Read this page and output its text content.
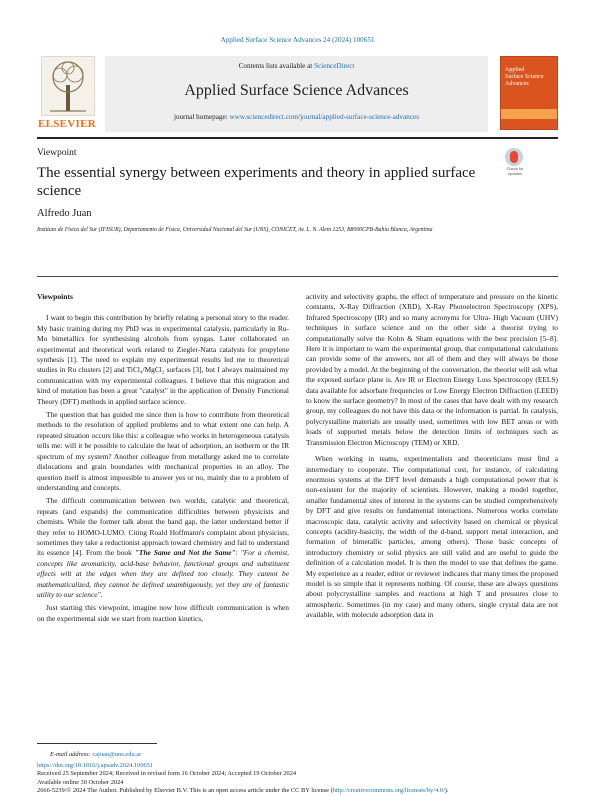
Applied Surface Science Advances 24 (2024) 100651
ELSEVIER
Contents lists available at ScienceDirect
Applied Surface Science Advances
journal homepage: www.sciencedirect.com/journal/applied-surface-science-advances
Applied
Surface Science
Advances
Viewpoint
Check for
updates
The essential synergy between experiments and theory in applied surface science
Alfredo Juan
Instituto de Física del Sur (IFISUR), Departamento de Física, Universidad Nacional del Sur (UNS), CONICET, Av. L. N. Alem 1253, B8000CPB-Bahía Blanca, Argentina

Viewpoints

I want to begin this contribution by briefly relating a personal story to the reader. My basic training during my PhD was in experimental catalysis, particularly in Ru-Mo bimetallics for synthesising alcohols from syngas. Later collaborated on experimental and theoretical work related to Ziegler-Natta catalysts for propylene synthesis [1]. The need to explain my experimental results led me to theoretical studies in Ru clusters [2] and TiCl₄/MgCl₂ surfaces [3], but I always maintained my communication with my experimental colleagues. I believe that this migration and kind of mutation has been a great "catalyst" in the application of Density Functional Theory (DFT) methods in applied surface science.

The question that has guided me since then is how to contribute from theoretical methods to the resolution of applied problems and to what extent one can help. A repeated situation occurs like this: a colleague who works in heterogeneous catalysis tells me: will it be possible to calculate the heat of adsorption, an isotherm or the IR spectrum of my system? Another colleague from metallurgy asked me to correlate dislocations and grain boundaries with mechanical properties in an alloy. The question itself is almost impossible to answer yes or no, mainly due to a problem of understanding and concepts.

The difficult communication between two worlds, catalytic and theoretical, repeats (and expands) the communication difficulties between physicists and chemists. While the former talk about the band gap, the latter understand better if they refer to HOMO-LUMO. Citing Roald Hoffmann's complaint about physicists, sometimes they take a reductionist approach toward chemistry and fail to understand its essence [4]. From the book "The Same and Not the Same": "For a chemist, concepts like aromaticity, acid-base behavior, functional groups and substituent effects wilt at the edges when they are defined too closely. They cannot be mathematicalized, they cannot be defined unambiguously, yet they are of fantastic utility to our science".

Just starting this viewpoint, imagine now how difficult communication is when on the experimental side we start from reaction kinetics,

activity and selectivity graphs, the effect of temperature and pressure on the kinetic constants, X-Ray Diffraction (XRD), X-Ray Photoelectron Spectroscopy (XPS), Infrared Spectroscopy (IR) and so many acronyms for Ultra- High Vacuum (UHV) techniques in surface science and on the other side a theorist trying to computationally solve the Kohn & Sham equations with the best precision [5–8]. Here it is important to warn the experimental group, that computational calculations can provide some of the answers, not all of them and they will always be those provided by a model. At the beginning of the conversation, the theorist will ask what the exposed surface plane is. Are IR or Electron Energy Loss Spectroscopy (EELS) data available for adsorbate frequencies or Low Energy Electron Diffraction (LEED) to know the surface geometry? In most of the cases that have dealt with my research group, my colleagues do not have this data or the information is partial. In catalysis, polycrystalline materials are usually used, sometimes with low BET areas or with loads of supported metals below the detection limits of techniques such as Transmission Electron Microscopy (TEM) or XRD.

When working in teams, experimentalists and theoreticians must find a intermediary to cooperate. The computational cost, for instance, of calculating enormous systems at the DFT level demands a high computational power that is non-existent for the majority of scientists. However, making a model together, smaller fundamental sites of interest in the systems can be studied comprehensively by DFT and give results on fundamental interactions. Numerous works correlate macroscopic data, catalytic activity and selectivity based on chemical or physical concepts (acidity-basicity, the width of the d-band, support metal interaction, and formation of bimetallic particles, among others). Those basic concepts of introductory chemistry or solid physics are still valid and are useful to guide the definition of a calculation model. It is then the model to use that defines the game. My experience as a reader, editor or reviewer indicates that many times the proposed model is so simple that it represents nothing. Of course, these are always questions about polycrystalline samples and reactions at high T and pressures close to atmospheric. Sometimes (in my case) and many others, single crystal data are not available, with molecule adsorption data in

E-mail address: cajuan@uns.edu.ar
https://doi.org/10.1016/j.apsadv.2024.100651
Received 25 September 2024; Received in revised form 16 October 2024; Accepted 19 October 2024
Available online 30 October 2024
2666-5239/© 2024 The Author. Published by Elsevier B.V. This is an open access article under the CC BY license (http://creativecommons.org/licenses/by/4.0/).
